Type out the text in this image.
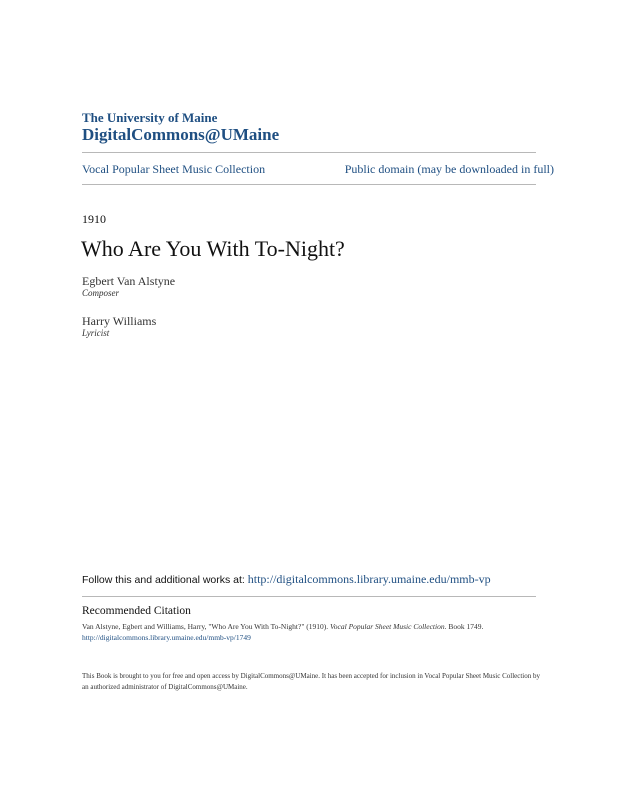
The University of Maine
DigitalCommons@UMaine
Vocal Popular Sheet Music Collection	Public domain (may be downloaded in full)
1910
Who Are You With To-Night?
Egbert Van Alstyne
Composer
Harry Williams
Lyricist
Follow this and additional works at: http://digitalcommons.library.umaine.edu/mmb-vp
Recommended Citation
Van Alstyne, Egbert and Williams, Harry, "Who Are You With To-Night?" (1910). Vocal Popular Sheet Music Collection. Book 1749.
http://digitalcommons.library.umaine.edu/mmb-vp/1749
This Book is brought to you for free and open access by DigitalCommons@UMaine. It has been accepted for inclusion in Vocal Popular Sheet Music Collection by an authorized administrator of DigitalCommons@UMaine.
